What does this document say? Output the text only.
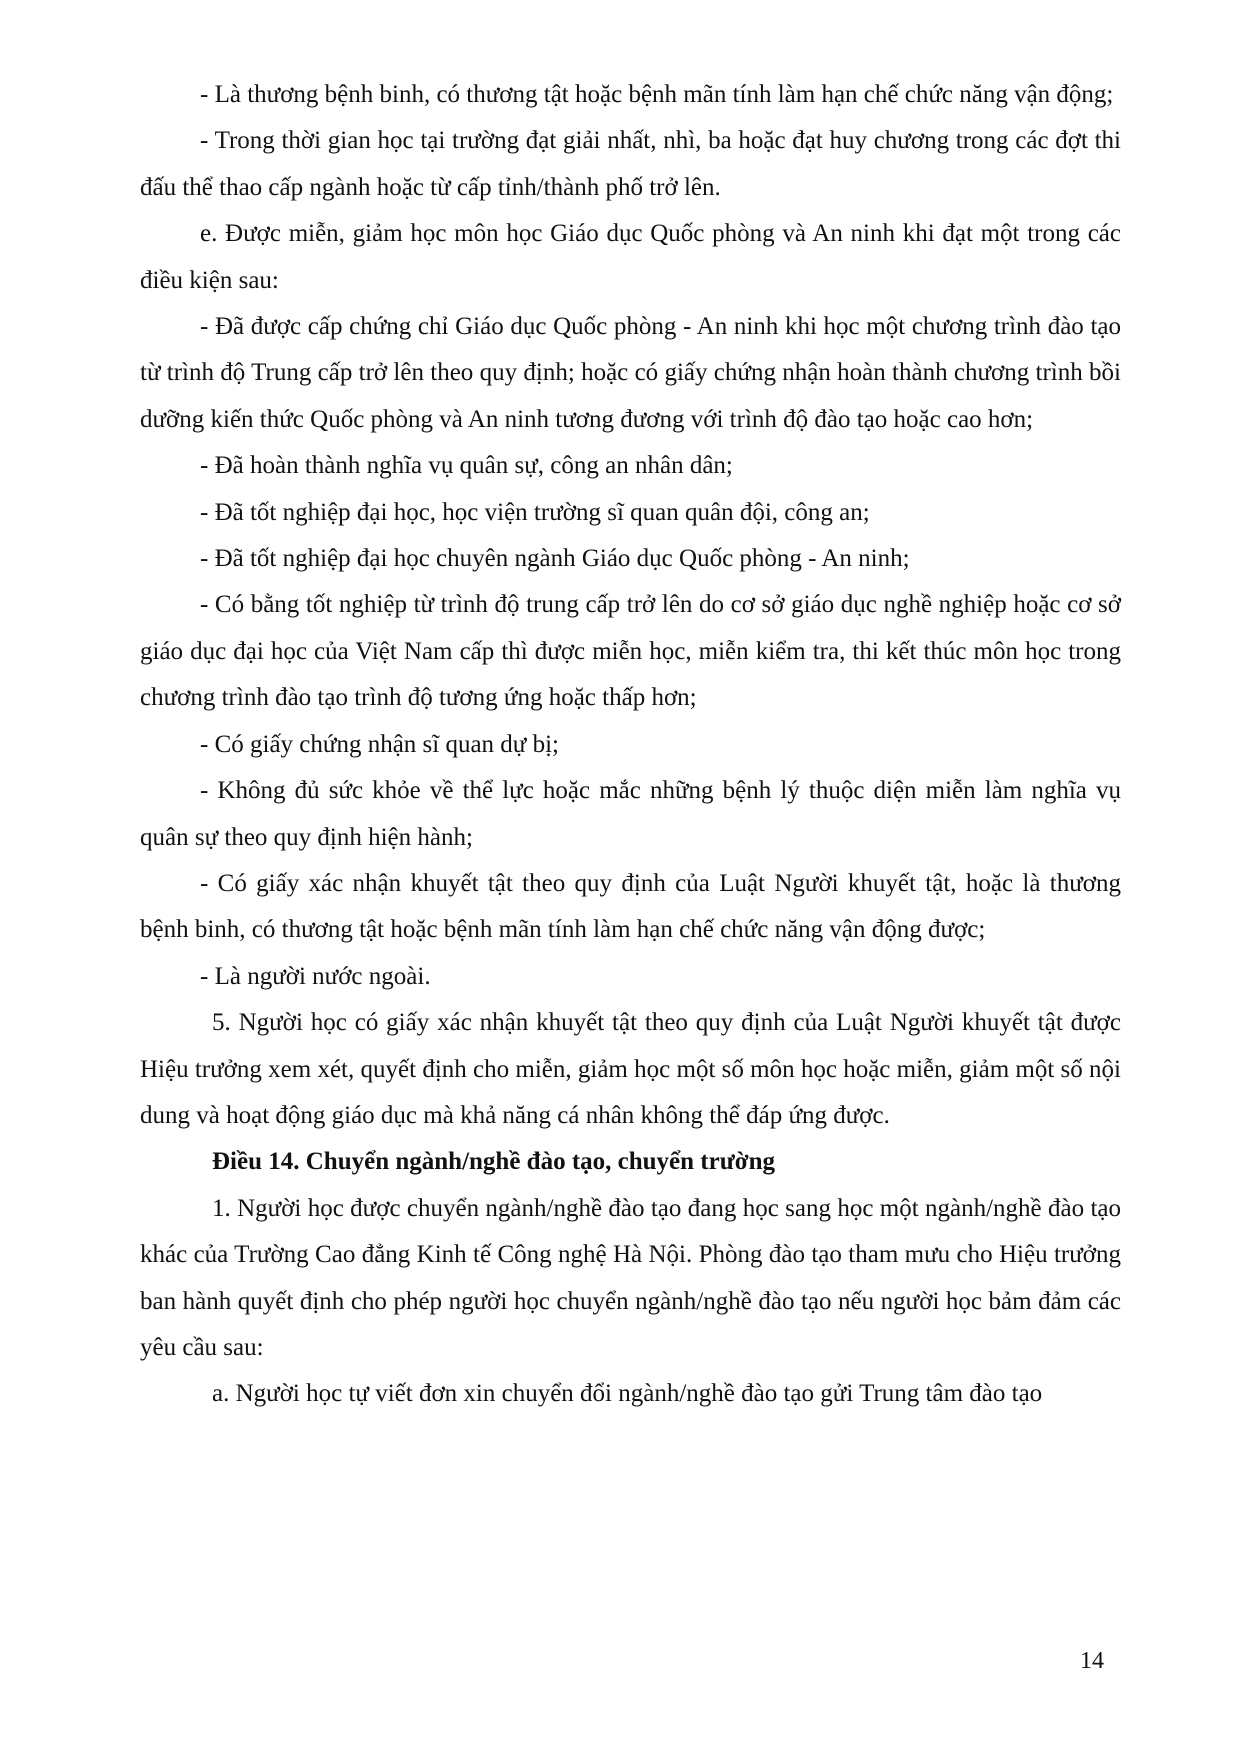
- Là thương bệnh binh, có thương tật hoặc bệnh mãn tính làm hạn chế chức năng vận động;

- Trong thời gian học tại trường đạt giải nhất, nhì, ba hoặc đạt huy chương trong các đợt thi đấu thể thao cấp ngành hoặc từ cấp tỉnh/thành phố trở lên.

e. Được miễn, giảm học môn học Giáo dục Quốc phòng và An ninh khi đạt một trong các điều kiện sau:

- Đã được cấp chứng chỉ Giáo dục Quốc phòng - An ninh khi học một chương trình đào tạo từ trình độ Trung cấp trở lên theo quy định; hoặc có giấy chứng nhận hoàn thành chương trình bồi dưỡng kiến thức Quốc phòng và An ninh tương đương với trình độ đào tạo hoặc cao hơn;

- Đã hoàn thành nghĩa vụ quân sự, công an nhân dân;

- Đã tốt nghiệp đại học, học viện trường sĩ quan quân đội, công an;

- Đã tốt nghiệp đại học chuyên ngành Giáo dục Quốc phòng - An ninh;

- Có bằng tốt nghiệp từ trình độ trung cấp trở lên do cơ sở giáo dục nghề nghiệp hoặc cơ sở giáo dục đại học của Việt Nam cấp thì được miễn học, miễn kiểm tra, thi kết thúc môn học trong chương trình đào tạo trình độ tương ứng hoặc thấp hơn;

- Có giấy chứng nhận sĩ quan dự bị;

- Không đủ sức khỏe về thể lực hoặc mắc những bệnh lý thuộc diện miễn làm nghĩa vụ quân sự theo quy định hiện hành;

- Có giấy xác nhận khuyết tật theo quy định của Luật Người khuyết tật, hoặc là thương bệnh binh, có thương tật hoặc bệnh mãn tính làm hạn chế chức năng vận động được;

- Là người nước ngoài.

5. Người học có giấy xác nhận khuyết tật theo quy định của Luật Người khuyết tật được Hiệu trưởng xem xét, quyết định cho miễn, giảm học một số môn học hoặc miễn, giảm một số nội dung và hoạt động giáo dục mà khả năng cá nhân không thể đáp ứng được.

Điều 14. Chuyển ngành/nghề đào tạo, chuyển trường

1. Người học được chuyển ngành/nghề đào tạo đang học sang học một ngành/nghề đào tạo khác của Trường Cao đẳng Kinh tế Công nghệ Hà Nội. Phòng đào tạo tham mưu cho Hiệu trưởng ban hành quyết định cho phép người học chuyển ngành/nghề đào tạo nếu người học bảm đảm các yêu cầu sau:

a. Người học tự viết đơn xin chuyển đổi ngành/nghề đào tạo gửi Trung tâm đào tạo

14
